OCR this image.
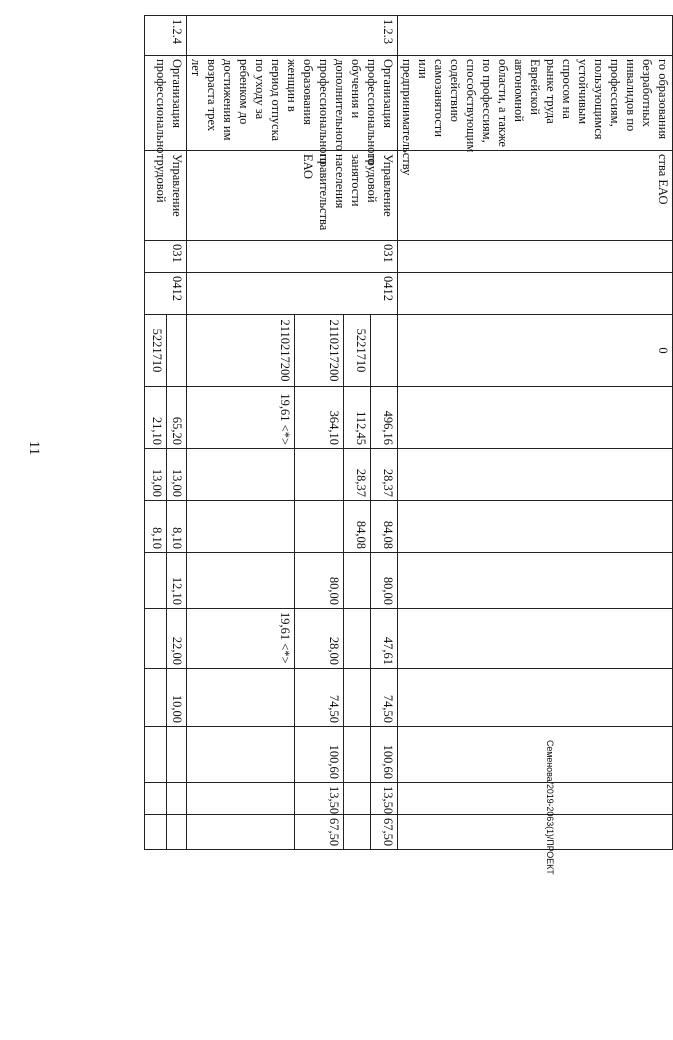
11
	го образования безработных инвалидов по профессиям, пользующимся устойчивым спросом на рынке труда Еврейской автономной области, а также по профессиям, способствующим содействию самозанятости или предпринимательству	ства ЕАО			0									
1.2.3	Организация профессионального обучения и дополнительного профессионального образования женщин в период отпуска по уходу за ребенком до достижения им возраста трех лет	Управление трудовой занятости населения правительства ЕАО	031	0412		496,16	28,37	84,08	80,00	47,61	74,50	100,60	13,50	67,50
					5221710	112,45	28,37	84,08						
					2110217200	364,10			80,00	28,00	74,50	100,60	13,50	67,50
					2110217200	19,61 <*>				19,61 <*>				
1.2.4	Организация профессионально	Управление трудовой	031	0412		65,20	13,00	8,10	12,10	22,00	10,00			
					5221710	21,10	13,00	8,10						
Семенова/2019-2063(1)/ПРОЕКТ
